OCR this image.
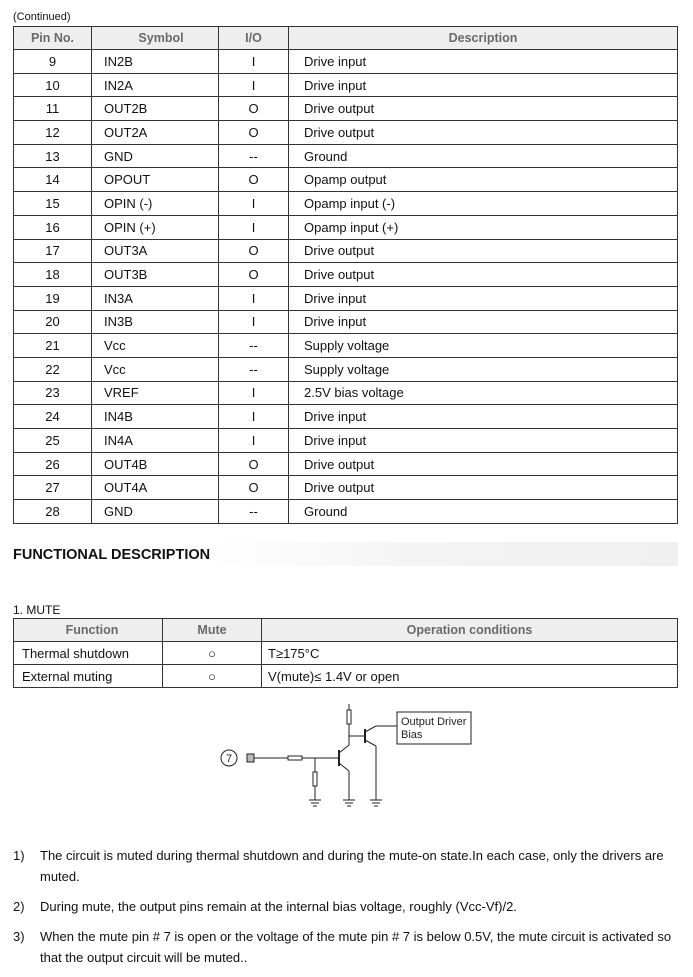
(Continued)
Pin No.	Symbol	I/O	Description
9	IN2B	I	Drive input
10	IN2A	I	Drive input
11	OUT2B	O	Drive output
12	OUT2A	O	Drive output
13	GND	--	Ground
14	OPOUT	O	Opamp output
15	OPIN (-)	I	Opamp input (-)
16	OPIN (+)	I	Opamp input (+)
17	OUT3A	O	Drive output
18	OUT3B	O	Drive output
19	IN3A	I	Drive input
20	IN3B	I	Drive input
21	Vcc	--	Supply voltage
22	Vcc	--	Supply voltage
23	VREF	I	2.5V bias voltage
24	IN4B	I	Drive input
25	IN4A	I	Drive input
26	OUT4B	O	Drive output
27	OUT4A	O	Drive output
28	GND	--	Ground
FUNCTIONAL DESCRIPTION
1. MUTE
Function	Mute	Operation conditions
Thermal shutdown	○	T≥175°C
External muting	○	V(mute)≤ 1.4V or open
7
Output Driver
Bias
1) The circuit is muted during thermal shutdown and during the mute-on state.In each case, only the drivers are muted.
2) During mute, the output pins remain at the internal bias voltage, roughly (Vcc-Vf)/2.
3) When the mute pin # 7 is open or the voltage of the mute pin # 7 is below 0.5V, the mute circuit is activated so that the output circuit will be muted..
